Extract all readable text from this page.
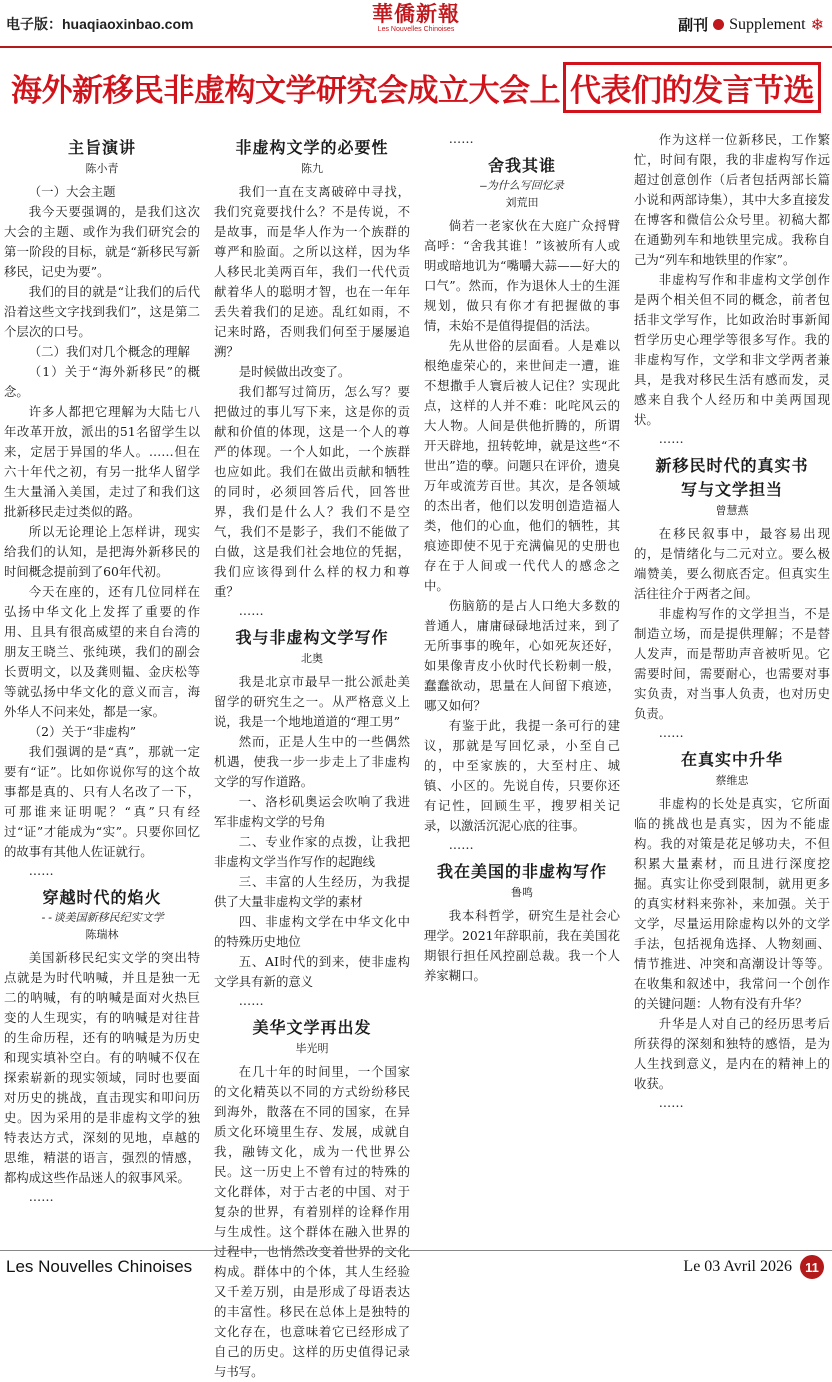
电子版：huaqiaoxinbao.com	華僑新報
Les Nouvelles Chinoises	副刊 Supplement ❄
海外新移民非虚构文学研究会成立大会上 代表们的发言节选
主旨演讲
陈小青

（一）大会主题

我今天要强调的，是我们这次大会的主题、或作为我们研究会的第一阶段的目标，就是“新移民写新移民，记史为要”。

我们的目的就是“让我们的后代沿着这些文字找到我们”，这是第二个层次的口号。

（二）我们对几个概念的理解

（1）关于“海外新移民”的概念。

许多人都把它理解为大陆七八年改革开放，派出的51名留学生以来，定居于异国的华人。……但在六十年代之初，有另一批华人留学生大量涌入美国，走过了和我们这批新移民走过类似的路。

所以无论理论上怎样讲，现实给我们的认知，是把海外新移民的时间概念提前到了60年代初。

今天在座的，还有几位同样在弘扬中华文化上发挥了重要的作用、且具有很高威望的来自台湾的朋友王晓兰、张纯瑛，我们的副会长贾明文，以及龚则韫、金庆松等等就弘扬中华文化的意义而言，海外华人不问来处，都是一家。

（2）关于“非虚构”

我们强调的是“真”，那就一定要有“证”。比如你说你写的这个故事都是真的、只有人名改了一下，可那谁来证明呢？“真”只有经过“证”才能成为“实”。只要你回忆的故事有其他人佐证就行。

……

穿越时代的焰火
--谈美国新移民纪实文学
陈瑞林

美国新移民纪实文学的突出特点就是为时代呐喊，并且是独一无二的呐喊，有的呐喊是面对火热巨变的人生现实，有的呐喊是对往昔的生命历程，还有的呐喊是为历史和现实填补空白。有的呐喊不仅在探索崭新的现实领域，同时也要面对历史的挑战，直击现实和叩问历史。因为采用的是非虚构文学的独特表达方式，深刻的见地，卓越的思维，精湛的语言，强烈的情感，都构成这些作品迷人的叙事风采。

……

非虚构文学的必要性
陈九

我们一直在支离破碎中寻找，我们究竟要找什么？不是传说，不是故事，而是华人作为一个族群的尊严和脸面。之所以这样，因为华人移民北美两百年，我们一代代贡献着华人的聪明才智，也在一年年丢失着我们的足迹。乱红如雨，不记来时路，否则我们何至于屡屡追溯？

是时候做出改变了。

我们都写过简历，怎么写？要把做过的事儿写下来，这是你的贡献和价值的体现，这是一个人的尊严的体现。一个人如此，一个族群也应如此。我们在做出贡献和牺牲的同时，必须回答后代，回答世界，我们是什么人？我们不是空气，我们不是影子，我们不能做了白做，这是我们社会地位的凭据，我们应该得到什么样的权力和尊重？

……

我与非虚构文学写作
北奥

我是北京市最早一批公派赴美留学的研究生之一。从严格意义上说，我是一个地地道道的“理工男”

然而，正是人生中的一些偶然机遇，使我一步一步走上了非虚构文学的写作道路。

一、洛杉矶奥运会吹响了我进军非虚构文学的号角

二、专业作家的点拨，让我把非虚构文学当作写作的起跑线

三、丰富的人生经历，为我提供了大量非虚构文学的素材

四、非虚构文学在中华文化中的特殊历史地位

五、AI时代的到来，使非虚构文学具有新的意义

……

美华文学再出发
毕光明

在几十年的时间里，一个国家的文化精英以不同的方式纷纷移民到海外，散落在不同的国家，在异质文化环境里生存、发展，成就自我，融铸文化，成为一代世界公民。这一历史上不曾有过的特殊的文化群体，对于古老的中国、对于复杂的世界，有着别样的诠释作用与生成性。这个群体在融入世界的过程中，也悄然改变着世界的文化构成。群体中的个体，其人生经验又千差万别，由是形成了母语表达的丰富性。移民在总体上是独特的文化存在，也意味着它已经形成了自己的历史。这样的历史值得记录与书写。

……

舍我其谁
—为什么写回忆录
刘荒田

倘若一老家伙在大庭广众捋臂高呼：“舍我其谁！”该被所有人或明或暗地讥为“嘴嚼大蒜——好大的口气”。然而，作为退休人士的生涯规划，做只有你才有把握做的事情，未始不是值得提倡的活法。

先从世俗的层面看。人是难以根绝虚荣心的，来世间走一遭，谁不想撒手人寰后被人记住？实现此点，这样的人并不难：叱咤风云的大人物。人间是供他折腾的，所谓开天辟地，扭转乾坤，就是这些“不世出”造的孽。问题只在评价，遗臭万年或流芳百世。其次，是各领域的杰出者，他们以发明创造造福人类，他们的心血，他们的牺牲，其痕迹即使不见于充满偏见的史册也存在于人间或一代代人的感念之中。

伤脑筋的是占人口绝大多数的普通人，庸庸碌碌地活过来，到了无所事事的晚年，心如死灰还好，如果像青皮小伙时代长粉刺一般，蠢蠢欲动，思量在人间留下痕迹，哪又如何？

有鉴于此，我提一条可行的建议，那就是写回忆录，小至自己的，中至家族的，大至村庄、城镇、小区的。先说自传，只要你还有记性，回顾生平，搜罗相关记录，以激活沉泥心底的往事。

……

我在美国的非虚构写作
鲁鸣

我本科哲学，研究生是社会心理学。2021年辞职前，我在美国花期银行担任风控副总裁。我一个人养家糊口。

作为这样一位新移民，工作繁忙，时间有限，我的非虚构写作远超过创意创作（后者包括两部长篇小说和两部诗集），其中大多直接发在博客和微信公众号里。初稿大都在通勤列车和地铁里完成。我称自己为“列车和地铁里的作家”。

非虚构写作和非虚构文学创作是两个相关但不同的概念，前者包括非文学写作，比如政治时事新闻哲学历史心理学等很多写作。我的非虚构写作，文学和非文学两者兼具，是我对移民生活有感而发，灵感来自我个人经历和中美两国现状。

……

新移民时代的真实书
写与文学担当
曾慧燕

在移民叙事中，最容易出现的，是情绪化与二元对立。要么极端赞美，要么彻底否定。但真实生活往往介于两者之间。

非虚构写作的文学担当，不是制造立场，而是提供理解；不是替人发声，而是帮助声音被听见。它需要时间，需要耐心，也需要对事实负责，对当事人负责，也对历史负责。

……

在真实中升华
蔡维忠

非虚构的长处是真实，它所面临的挑战也是真实，因为不能虚构。我的对策是花足够功夫，不但积累大量素材，而且进行深度挖掘。真实让你受到限制，就用更多的真实材料来弥补，来加强。关于文学，尽量运用除虚构以外的文学手法，包括视角选择、人物刻画、情节推进、冲突和高潮设计等等。在收集和叙述中，我常问一个创作的关键问题：人物有没有升华？

升华是人对自己的经历思考后所获得的深刻和独特的感悟，是为人生找到意义，是内在的精神上的收获。

……

Les Nouvelles Chinoises	Le 03 Avril 2026	11
